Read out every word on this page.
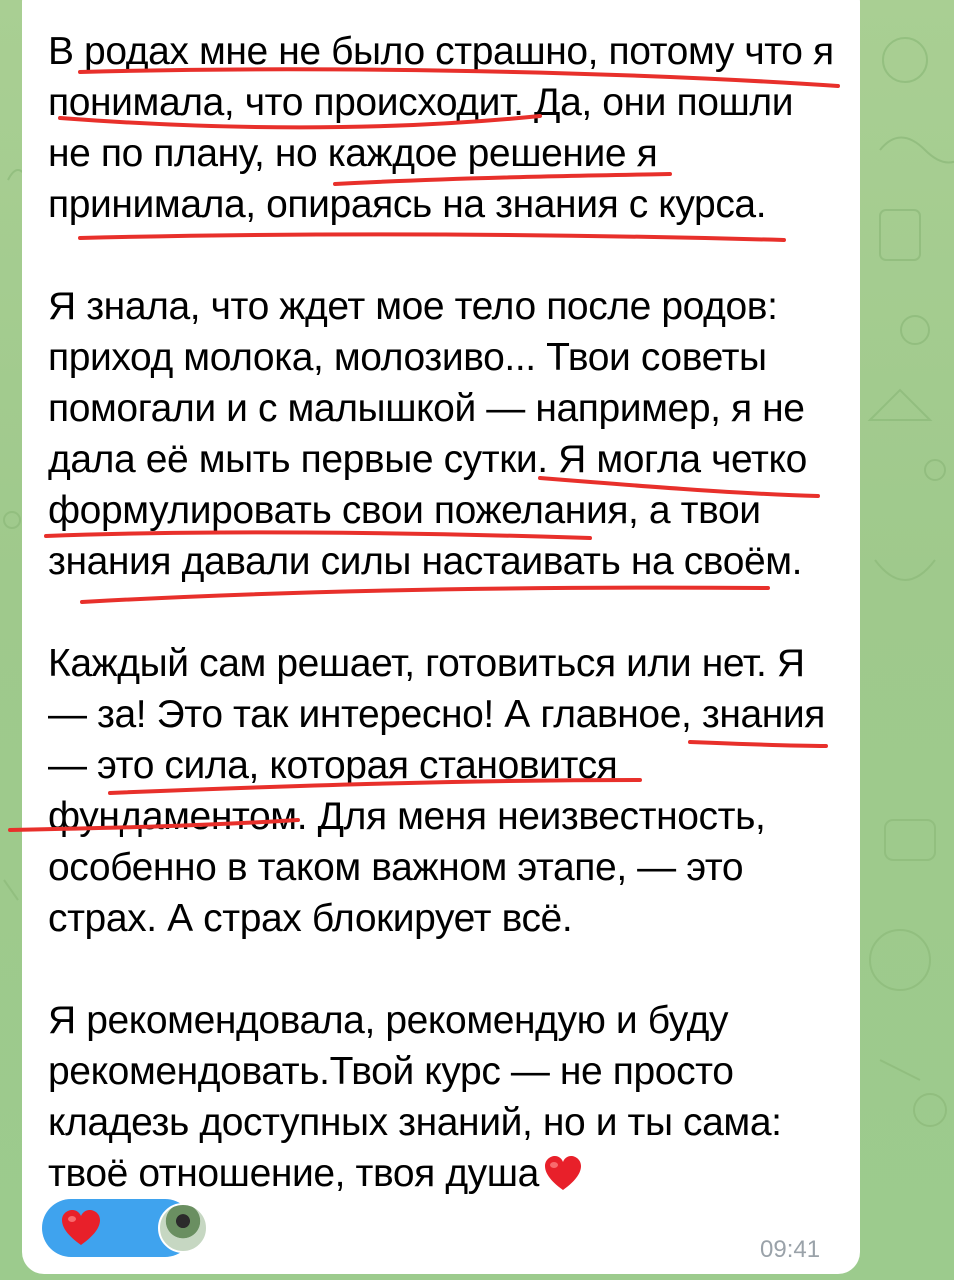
В родах мне не было страшно, потому что я

понимала, что происходит. Да, они пошли

не по плану, но каждое решение я

принимала, опираясь на знания с курса.

Я знала, что ждет мое тело после родов:

приход молока, молозиво... Твои советы

помогали и с малышкой — например, я не

дала её мыть первые сутки. Я могла четко

формулировать свои пожелания, а твои

знания давали силы настаивать на своём.

Каждый сам решает, готовиться или нет. Я

— за! Это так интересно! А главное, знания

— это сила, которая становится

фундаментом. Для меня неизвестность,

особенно в таком важном этапе, — это

страх. А страх блокирует всё.

Я рекомендовала, рекомендую и буду

рекомендовать.Твой курс — не просто

кладезь доступных знаний, но и ты сама:

твоё отношение, твоя душа

09:41
